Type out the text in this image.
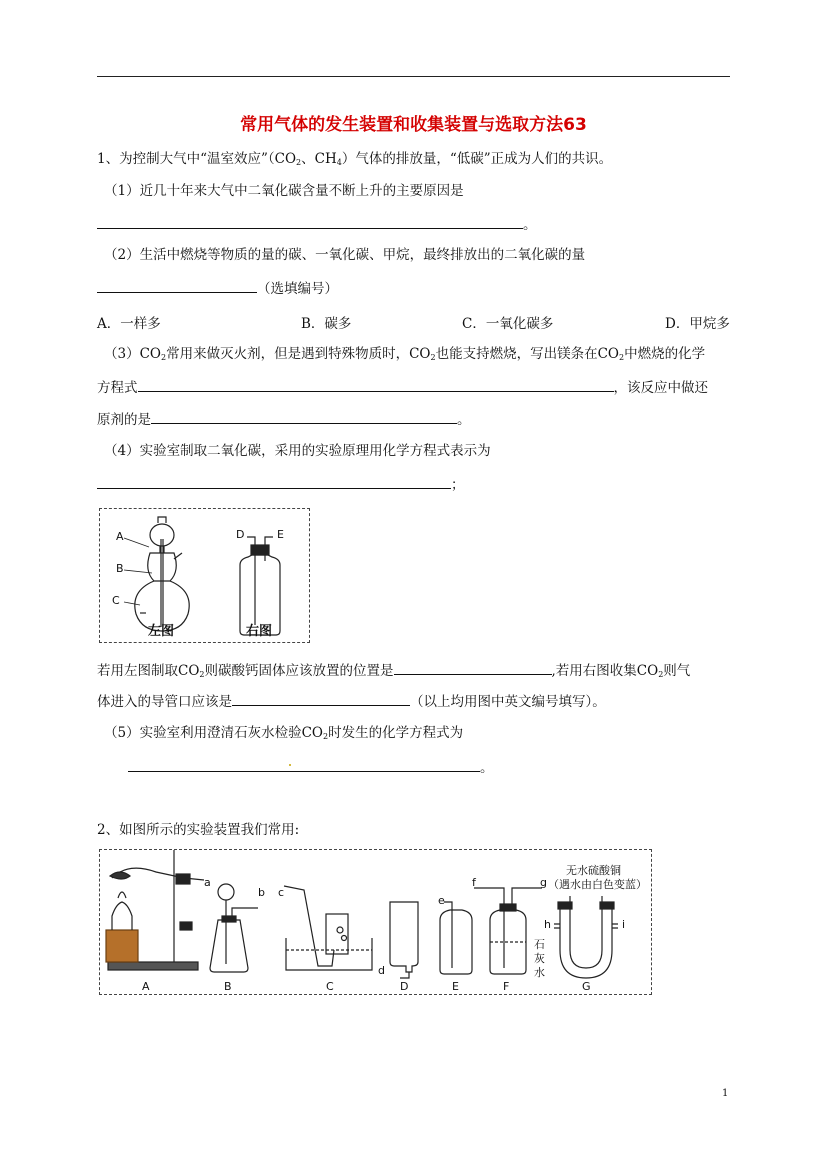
常用气体的发生装置和收集装置与选取方法63
1、为控制大气中“温室效应$”(CO_2$、$CH_4$）气体的排放量，“低碳”正成为人们的共识。
（1）近几十年来大气中二氧化碳含量不断上升的主要原因是
。
（2）生活中燃烧等物质的量的碳、一氧化碳、甲烷，最终排放出的二氧化碳的量
（选填编号）
A．一样多	B．碳多	C．一氧化碳多	D．甲烷多
$(3)CO_2$常用来做灭火剂，但是遇到特殊物质时，$CO_2$也能支持燃烧，写出镁条在$CO_2$中燃烧的化学
方程式	，该反应中做还
原剂的是	。
（4）实验室制取二氧化碳，采用的实验原理用化学方程式表示为
；
A
B
C
D	E
左图	右图
若用左图制取$CO_2$则碳酸钙固体应该放置的位置是	,若用右图收集$CO_2$则气
体进入的导管口应该是	（以上均用图中英文编号填写）。
（5）实验室利用澄清石灰水检验$CO_2$时发生的化学方程式为
。
2、如图所示的实验装置我们常用:
a
b c
d
e
f	g
h	i
无水硫酸铜
（遇水由白色变蓝）
石
灰
水
A	B	C	D	E	F	G
1
